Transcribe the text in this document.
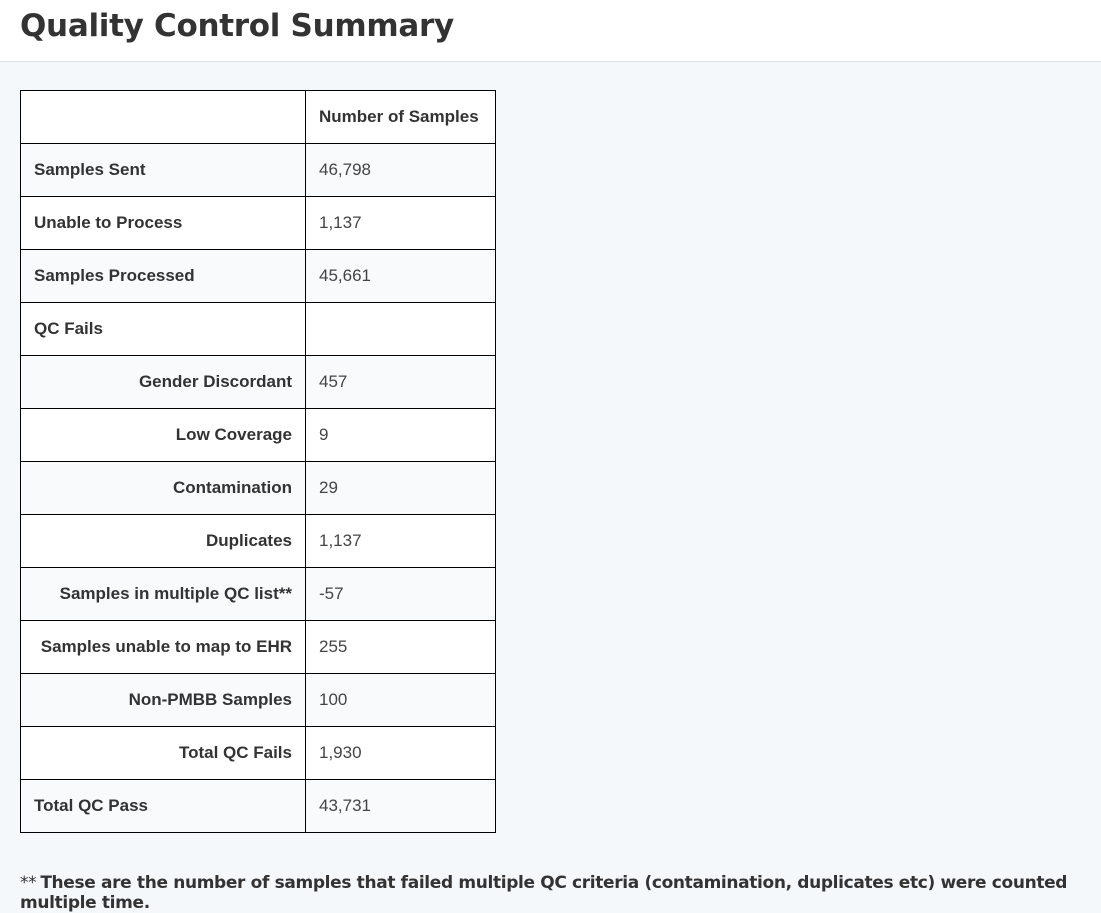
Quality Control Summary
	Number of Samples
Samples Sent	46,798
Unable to Process	1,137
Samples Processed	45,661
QC Fails	
Gender Discordant	457
Low Coverage	9
Contamination	29
Duplicates	1,137
Samples in multiple QC list**	-57
Samples unable to map to EHR	255
Non-PMBB Samples	100
Total QC Fails	1,930
Total QC Pass	43,731
** These are the number of samples that failed multiple QC criteria (contamination, duplicates etc) were counted multiple time.
